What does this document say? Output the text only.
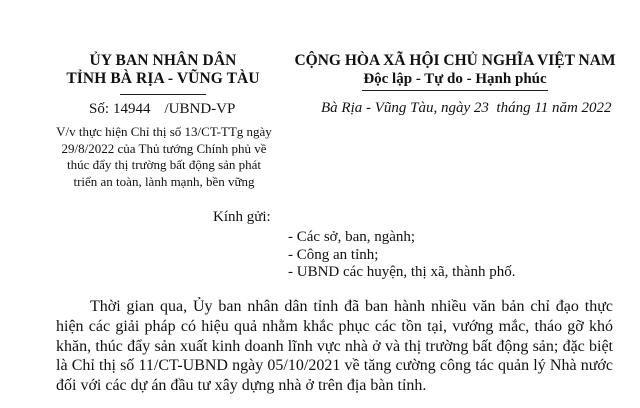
ỦY BAN NHÂN DÂN
TỈNH BÀ RỊA - VŨNG TÀU
Số: 14944 /UBND-VP
V/v thực hiện Chỉ thị số 13/CT-TTg ngày
29/8/2022 của Thủ tướng Chính phủ về
thúc đẩy thị trường bất động sản phát
triển an toàn, lành mạnh, bền vững
CỘNG HÒA XÃ HỘI CHỦ NGHĨA VIỆT NAM
Độc lập - Tự do - Hạnh phúc
Bà Rịa - Vũng Tàu, ngày 23  tháng 11 năm 2022
Kính gửi:
- Các sở, ban, ngành;
- Công an tỉnh;
- UBND các huyện, thị xã, thành phố.

Thời gian qua, Ủy ban nhân dân tỉnh đã ban hành nhiều văn bản chỉ đạo thực hiện các giải pháp có hiệu quả nhằm khắc phục các tồn tại, vướng mắc, tháo gỡ khó khăn, thúc đẩy sản xuất kinh doanh lĩnh vực nhà ở và thị trường bất động sản; đặc biệt là Chỉ thị số 11/CT-UBND ngày 05/10/2021 về tăng cường công tác quản lý Nhà nước đối với các dự án đầu tư xây dựng nhà ở trên địa bàn tỉnh.
